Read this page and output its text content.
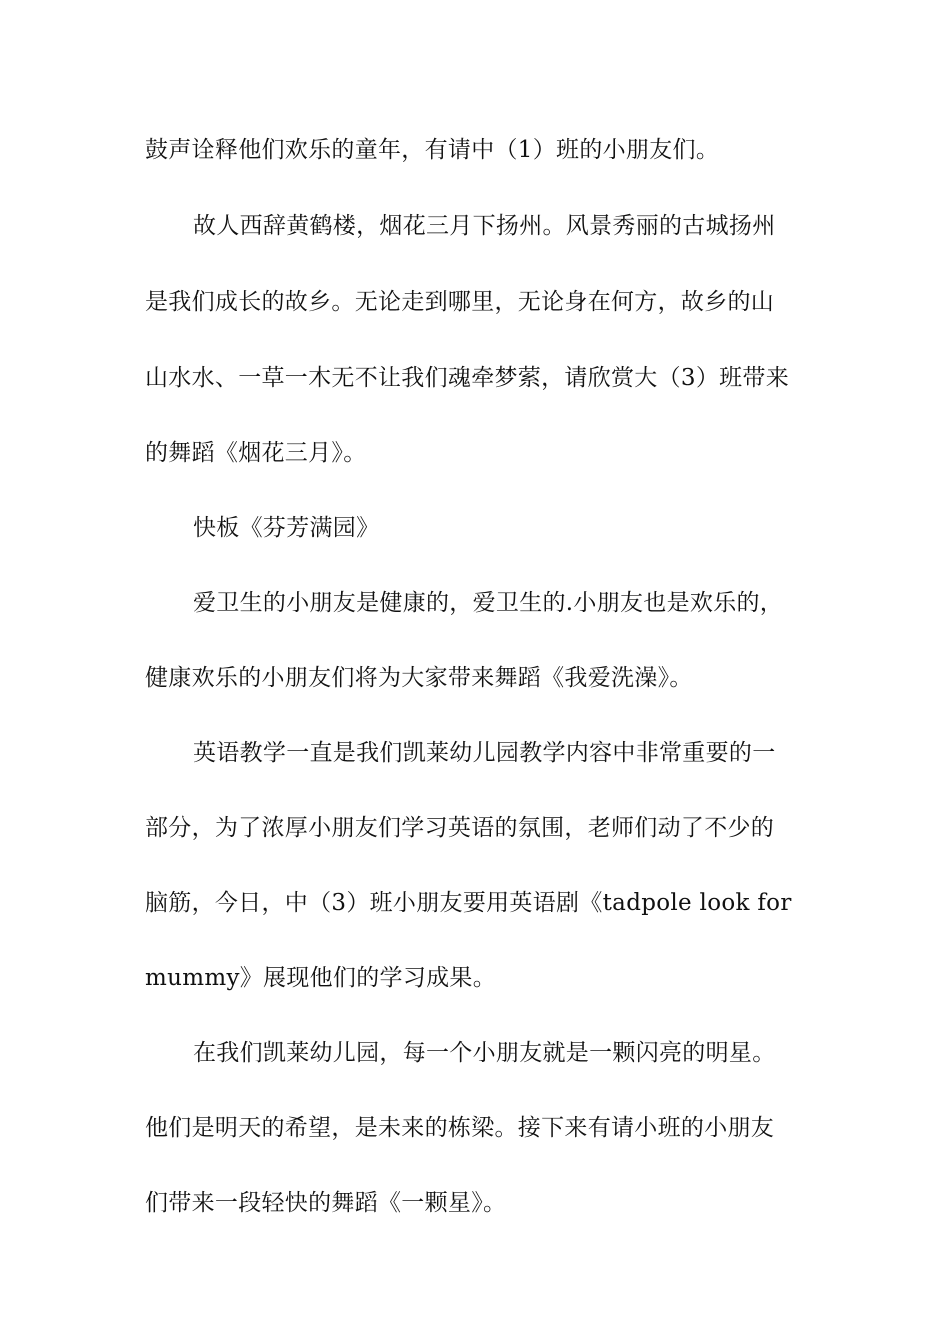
鼓声诠释他们欢乐的童年，有请中（1）班的小朋友们。
故人西辞黄鹤楼，烟花三月下扬州。风景秀丽的古城扬州
是我们成长的故乡。无论走到哪里，无论身在何方，故乡的山
山水水、一草一木无不让我们魂牵梦萦，请欣赏大（3）班带来
的舞蹈《烟花三月》。
快板《芬芳满园》
爱卫生的小朋友是健康的，爱卫生的.小朋友也是欢乐的，
健康欢乐的小朋友们将为大家带来舞蹈《我爱洗澡》。
英语教学一直是我们凯莱幼儿园教学内容中非常重要的一
部分，为了浓厚小朋友们学习英语的氛围，老师们动了不少的
脑筋，今日，中（3）班小朋友要用英语剧《tadpole look for
mummy》展现他们的学习成果。
在我们凯莱幼儿园，每一个小朋友就是一颗闪亮的明星。
他们是明天的希望，是未来的栋梁。接下来有请小班的小朋友
们带来一段轻快的舞蹈《一颗星》。
